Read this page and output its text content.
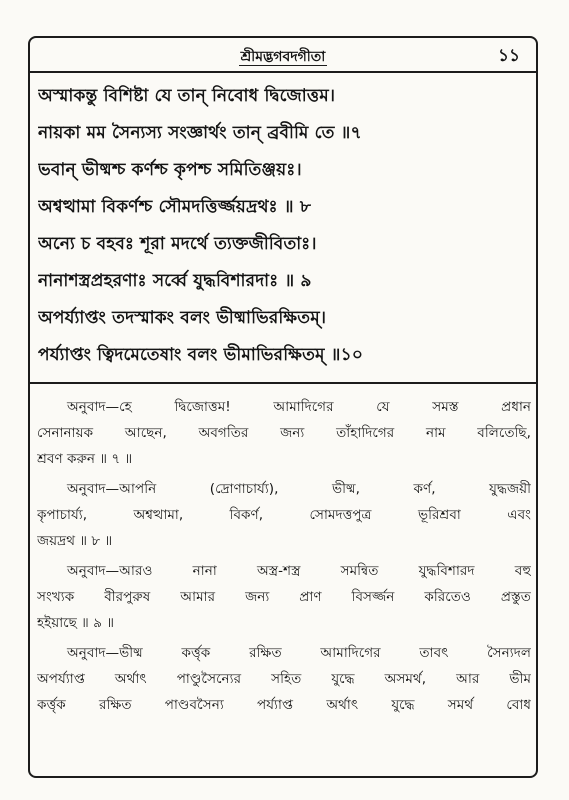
শ্রীমদ্ভগবদগীতা	১১
অস্মাকন্তু বিশিষ্টা যে তান্ নিবোধ দ্বিজোত্তম।
নায়কা মম সৈন্যস্য সংজ্ঞার্থং তান্ ব্রবীমি তে ॥৭
ভবান্ ভীষ্মশ্চ কর্ণশ্চ কৃপশ্চ সমিতিঞ্জয়ঃ।
অশ্বত্থামা বিকর্ণশ্চ সৌমদত্তির্জ্জয়দ্রথঃ ॥ ৮
অন্যে চ বহবঃ শূরা মদর্থে ত্যক্তজীবিতাঃ।
নানাশস্ত্রপ্রহরণাঃ সর্ব্বে যুদ্ধবিশারদাঃ ॥ ৯
অপর্য্যাপ্তং তদস্মাকং বলং ভীষ্মাভিরক্ষিতম্।
পর্য্যাপ্তং ত্বিদমেতেষাং বলং ভীমাভিরক্ষিতম্ ॥১০
অনুবাদ—হে দ্বিজোত্তম! আমাদিগের যে সমস্ত প্রধান
সেনানায়ক আছেন, অবগতির জন্য তাঁহাদিগের নাম বলিতেছি,
শ্রবণ করুন ॥ ৭ ॥
অনুবাদ—আপনি (দ্রোণাচার্য্য), ভীষ্ম, কর্ণ, যুদ্ধজয়ী
কৃপাচার্য্য, অশ্বত্থামা, বিকর্ণ, সোমদত্তপুত্র ভূরিশ্রবা এবং
জয়দ্রথ ॥ ৮ ॥
অনুবাদ—আরও নানা অস্ত্র-শস্ত্র সমন্বিত যুদ্ধবিশারদ বহু
সংখ্যক বীরপুরুষ আমার জন্য প্রাণ বিসর্জ্জন করিতেও প্রস্তুত
হইয়াছে ॥ ৯ ॥
অনুবাদ—ভীষ্ম কর্ত্তৃক রক্ষিত আমাদিগের তাবৎ সৈন্যদল
অপর্য্যাপ্ত অর্থাৎ পাণ্ডুসৈন্যের সহিত যুদ্ধে অসমর্থ, আর ভীম
কর্ত্তৃক রক্ষিত পাণ্ডবসৈন্য পর্য্যাপ্ত অর্থাৎ যুদ্ধে সমর্থ বোধ
